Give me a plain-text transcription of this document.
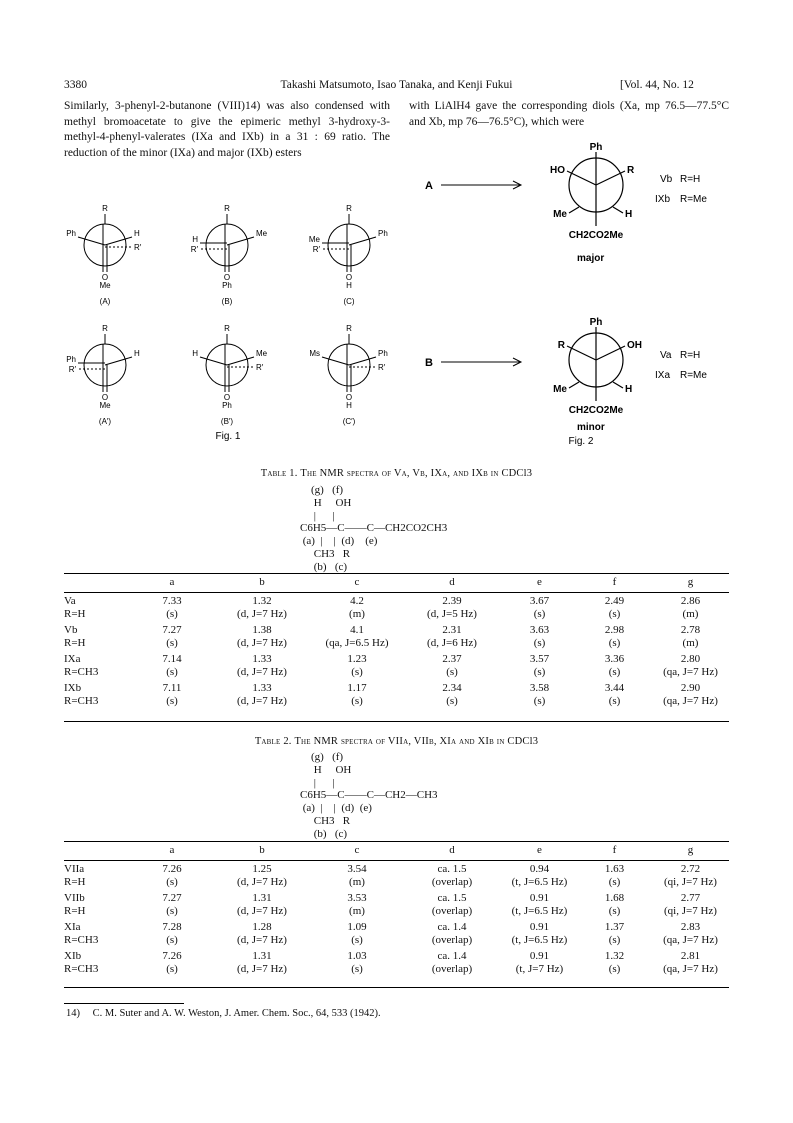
3380	Takashi Matsumoto, Isao Tanaka, and Kenji Fukui	[Vol. 44, No. 12
Similarly, 3-phenyl-2-butanone (VIII)14) was also condensed with methyl bromoacetate to give the epimeric methyl 3-hydroxy-3-methyl-4-phenyl-valerates (IXa and IXb) in a 31 : 69 ratio. The reduction of the minor (IXa) and major (IXb) esters
with LiAlH4 gave the corresponding diols (Xa, mp 76.5—77.5°C and Xb, mp 76—76.5°C), which were
R
Ph	H
R′
O
Me
(A)
R
Me
H
R′
O
Ph
(B)
R
Ph
Me
R′
O
H
(C)
R
H
Ph
R′
O
Me
(A′)
R
H	Me
R′
O
Ph
(B′)
R
Ms	Ph
R′
O
H
(C′)
Fig. 1
A
Ph
HO	R
Me	H
CH2CO2Me
major
Vb R=H
IXb R=Me
B
Ph
R	OH
Me	H
CH2CO2Me
minor
Va R=H
IXa R=Me
Fig. 2
Table 1. The NMR spectra of Va, Vb, IXa, and IXb in CDCl3
(g)   (f)
H     OH
|      |
C6H5—C——C—CH2CO2CH3
(a)  |    |  (d)    (e)
CH3   R
(b)   (c)
	a	b	c	d	e	f	g
Va	7.33	1.32	4.2	2.39	3.67	2.49	2.86
R=H	(s)	(d, J=7 Hz)	(m)	(d, J=5 Hz)	(s)	(s)	(m)
Vb	7.27	1.38	4.1	2.31	3.63	2.98	2.78
R=H	(s)	(d, J=7 Hz)	(qa, J=6.5 Hz)	(d, J=6 Hz)	(s)	(s)	(m)
IXa	7.14	1.33	1.23	2.37	3.57	3.36	2.80
R=CH3	(s)	(d, J=7 Hz)	(s)	(s)	(s)	(s)	(qa, J=7 Hz)
IXb	7.11	1.33	1.17	2.34	3.58	3.44	2.90
R=CH3	(s)	(d, J=7 Hz)	(s)	(s)	(s)	(s)	(qa, J=7 Hz)
Table 2. The NMR spectra of VIIa, VIIb, XIa and XIb in CDCl3
(g)   (f)
H     OH
|      |
C6H5—C——C—CH2—CH3
(a)  |    |  (d)  (e)
CH3   R
(b)   (c)
	a	b	c	d	e	f	g
VIIa	7.26	1.25	3.54	ca. 1.5	0.94	1.63	2.72
R=H	(s)	(d, J=7 Hz)	(m)	(overlap)	(t, J=6.5 Hz)	(s)	(qi, J=7 Hz)
VIIb	7.27	1.31	3.53	ca. 1.5	0.91	1.68	2.77
R=H	(s)	(d, J=7 Hz)	(m)	(overlap)	(t, J=6.5 Hz)	(s)	(qi, J=7 Hz)
XIa	7.28	1.28	1.09	ca. 1.4	0.91	1.37	2.83
R=CH3	(s)	(d, J=7 Hz)	(s)	(overlap)	(t, J=6.5 Hz)	(s)	(qa, J=7 Hz)
XIb	7.26	1.31	1.03	ca. 1.4	0.91	1.32	2.81
R=CH3	(s)	(d, J=7 Hz)	(s)	(overlap)	(t, J=7 Hz)	(s)	(qa, J=7 Hz)
14) C. M. Suter and A. W. Weston, J. Amer. Chem. Soc., 64, 533 (1942).
